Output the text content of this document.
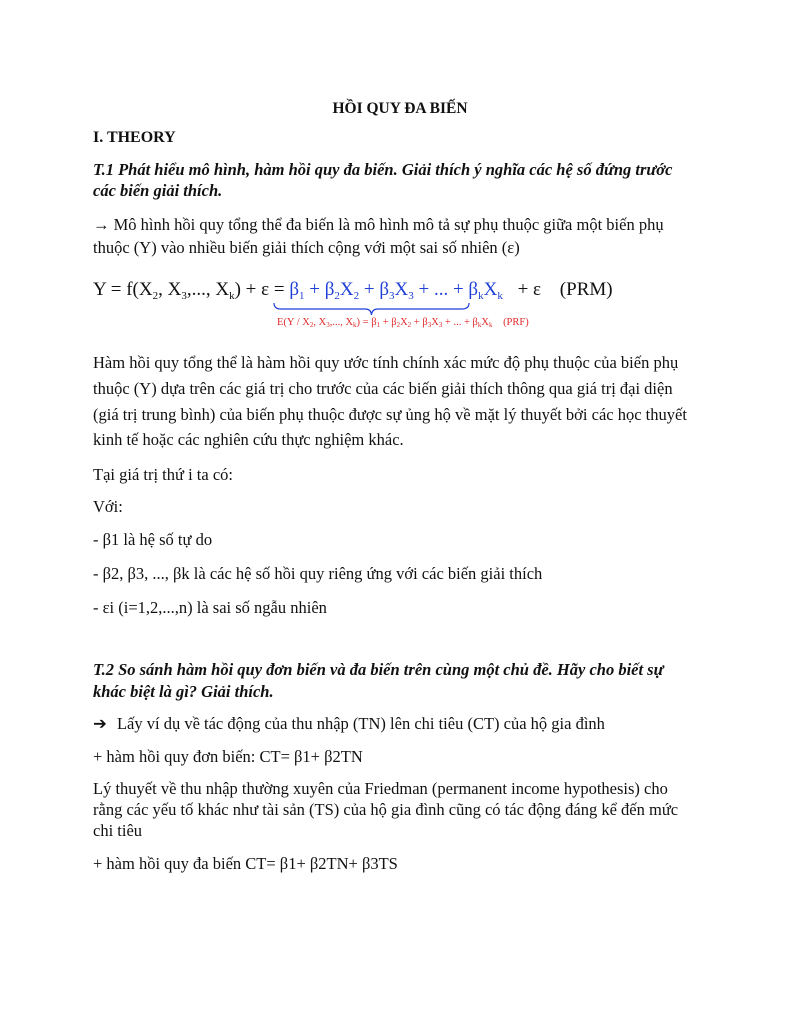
HỒI QUY ĐA BIẾN
I. THEORY
T.1 Phát hiểu mô hình, hàm hồi quy đa biến. Giải thích ý nghĩa các hệ số đứng trước
các biến giải thích.
→ Mô hình hồi quy tổng thể đa biến là mô hình mô tả sự phụ thuộc giữa một biến phụ
thuộc (Y) vào nhiều biến giải thích cộng với một sai số nhiên (ε)
$Y = f(X_2$, $X_3$,..., $X_k) + \varepsilon = \beta_1 + \beta_2X_2 + \beta_3X_3$ + ... + $\beta_kX_k + \varepsilon$ (PRM)
$E(Y / X_2$, $X_3$,..., $X_k) = \beta_1 + \beta_2X_2 + \beta_3X_3$ + ... + $\beta_kX_k$ (PRF)
Hàm hồi quy tổng thể là hàm hồi quy ước tính chính xác mức độ phụ thuộc của biến phụ
thuộc (Y) dựa trên các giá trị cho trước của các biến giải thích thông qua giá trị đại diện
(giá trị trung bình) của biến phụ thuộc được sự ủng hộ về mặt lý thuyết bởi các học thuyết
kinh tế hoặc các nghiên cứu thực nghiệm khác.
Tại giá trị thứ i ta có:
Với:
- β1 là hệ số tự do
- β2, β3, ..., βk là các hệ số hồi quy riêng ứng với các biến giải thích
- εi (i=1,2,...,n) là sai số ngẫu nhiên
T.2 So sánh hàm hồi quy đơn biến và đa biến trên cùng một chủ đề. Hãy cho biết sự
khác biệt là gì? Giải thích.
➔ Lấy ví dụ về tác động của thu nhập (TN) lên chi tiêu (CT) của hộ gia đình
+ hàm hồi quy đơn biến: CT= β1+ β2TN
Lý thuyết về thu nhập thường xuyên của Friedman (permanent income hypothesis) cho
rằng các yếu tố khác như tài sản (TS) của hộ gia đình cũng có tác động đáng kể đến mức
chi tiêu
+ hàm hồi quy đa biến CT= β1+ β2TN+ β3TS
